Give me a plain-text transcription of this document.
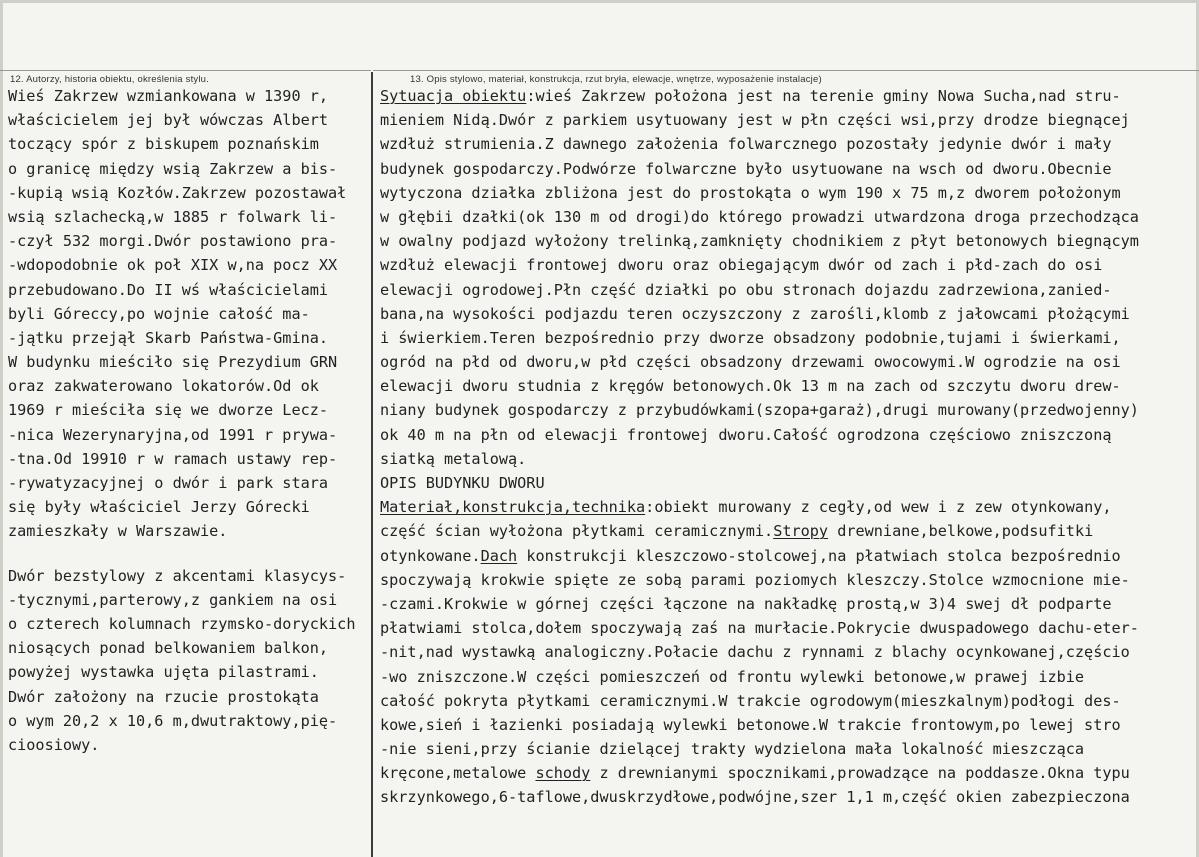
12. Autorzy, historia obiektu, określenia stylu.	13. Opis stylowo, materiał, konstrukcja, rzut bryła, elewacje, wnętrze, wyposażenie instalacje)
Wieś Zakrzew wzmiankowana w 1390 r,
właścicielem jej był wówczas Albert
toczący spór z biskupem poznańskim
o granicę między wsią Zakrzew a bis-
-kupią wsią Kozłów.Zakrzew pozostawał
wsią szlachecką,w 1885 r folwark li-
-czył 532 morgi.Dwór postawiono pra-
-wdopodobnie ok poł XIX w,na pocz XX
przebudowano.Do II wś właścicielami
byli Góreccy,po wojnie całość ma-
-jątku przejął Skarb Państwa-Gmina.
W budynku mieściło się Prezydium GRN
oraz zakwaterowano lokatorów.Od ok
1969 r mieściła się we dworze Lecz-
-nica Wezerynaryjna,od 1991 r prywa-
-tna.Od 19910 r w ramach ustawy rep-
-rywatyzacyjnej o dwór i park stara
się były właściciel Jerzy Górecki
zamieszkały w Warszawie.
Dwór bezstylowy z akcentami klasycys-
-tycznymi,parterowy,z gankiem na osi
o czterech kolumnach rzymsko-doryckich
niosących ponad belkowaniem balkon,
powyżej wystawka ujęta pilastrami.
Dwór założony na rzucie prostokąta
o wym 20,2 x 10,6 m,dwutraktowy,pię-
cioosiowy.
Sytuacja obiektu:wieś Zakrzew położona jest na terenie gminy Nowa Sucha,nad stru-
mieniem Nidą.Dwór z parkiem usytuowany jest w płn części wsi,przy drodze biegnącej
wzdłuż strumienia.Z dawnego założenia folwarcznego pozostały jedynie dwór i mały
budynek gospodarczy.Podwórze folwarczne było usytuowane na wsch od dworu.Obecnie
wytyczona działka zbliżona jest do prostokąta o wym 190 x 75 m,z dworem położonym
w głębii dzałki(ok 130 m od drogi)do którego prowadzi utwardzona droga przechodząca
w owalny podjazd wyłożony trelinką,zamknięty chodnikiem z płyt betonowych biegnącym
wzdłuż elewacji frontowej dworu oraz obiegającym dwór od zach i płd-zach do osi
elewacji ogrodowej.Płn część działki po obu stronach dojazdu zadrzewiona,zanied-
bana,na wysokości podjazdu teren oczyszczony z zarośli,klomb z jałowcami płożącymi
i świerkiem.Teren bezpośrednio przy dworze obsadzony podobnie,tujami i świerkami,
ogród na płd od dworu,w płd części obsadzony drzewami owocowymi.W ogrodzie na osi
elewacji dworu studnia z kręgów betonowych.Ok 13 m na zach od szczytu dworu drew-
niany budynek gospodarczy z przybudówkami(szopa+garaż),drugi murowany(przedwojenny)
ok 40 m na płn od elewacji frontowej dworu.Całość ogrodzona częściowo zniszczoną
siatką metalową.
OPIS BUDYNKU DWORU
Materiał,konstrukcja,technika:obiekt murowany z cegły,od wew i z zew otynkowany,
część ścian wyłożona płytkami ceramicznymi.Stropy drewniane,belkowe,podsufitki
otynkowane.Dach konstrukcji kleszczowo-stolcowej,na płatwiach stolca bezpośrednio
spoczywają krokwie spięte ze sobą parami poziomych kleszczy.Stolce wzmocnione mie-
-czami.Krokwie w górnej części łączone na nakładkę prostą,w 3)4 swej dł podparte
płatwiami stolca,dołem spoczywają zaś na murłacie.Pokrycie dwuspadowego dachu-eter-
-nit,nad wystawką analogiczny.Połacie dachu z rynnami z blachy ocynkowanej,częścio
-wo zniszczone.W części pomieszczeń od frontu wylewki betonowe,w prawej izbie
całość pokryta płytkami ceramicznymi.W trakcie ogrodowym(mieszkalnym)podłogi des-
kowe,sień i łazienki posiadają wylewki betonowe.W trakcie frontowym,po lewej stro
-nie sieni,przy ścianie dzielącej trakty wydzielona mała lokalność mieszcząca
kręcone,metalowe schody z drewnianymi spocznikami,prowadzące na poddasze.Okna typu
skrzynkowego,6-taflowe,dwuskrzydłowe,podwójne,szer 1,1 m,część okien zabezpieczona
